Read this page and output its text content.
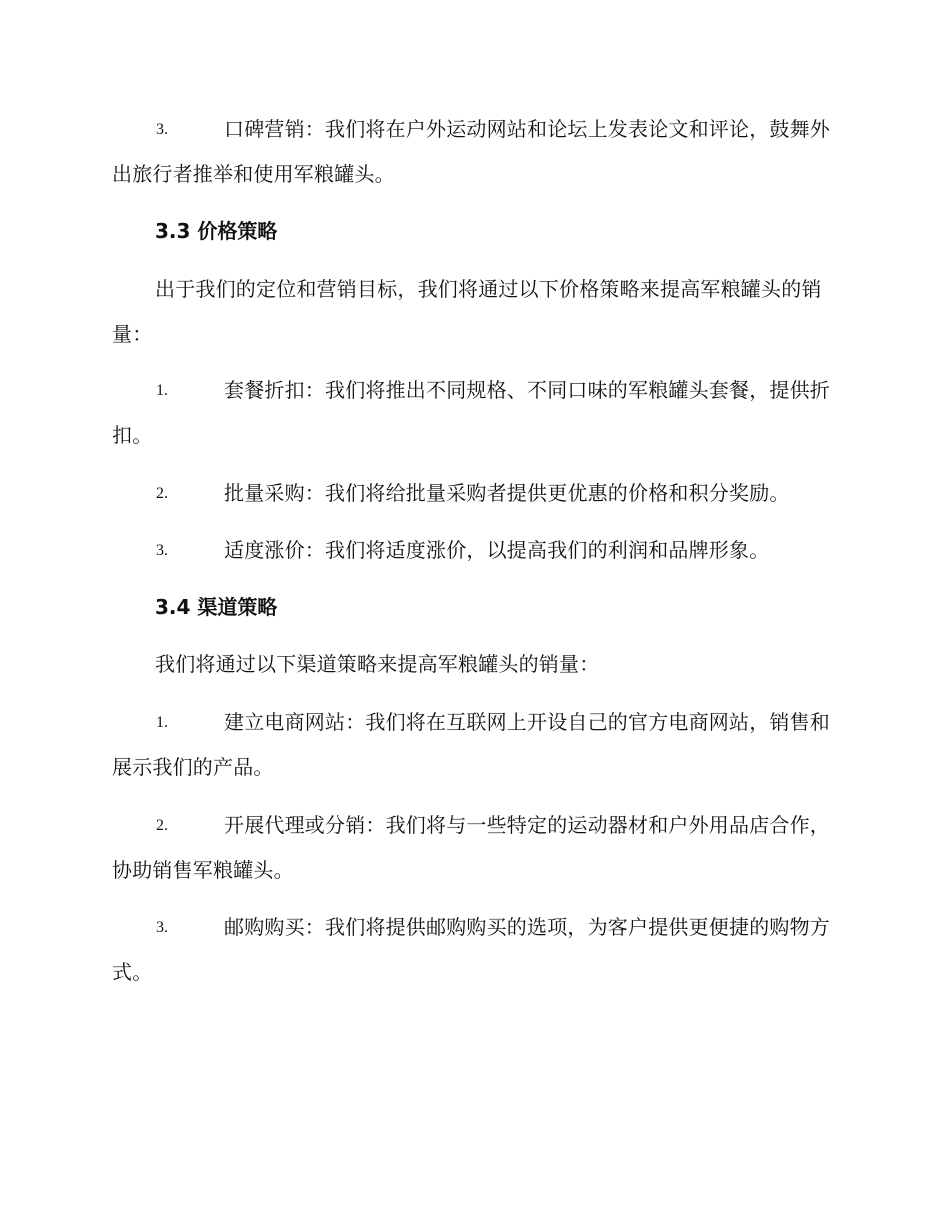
3.	口碑营销：我们将在户外运动网站和论坛上发表论文和评论，鼓舞外出旅行者推举和使用军粮罐头。
3.3 价格策略
出于我们的定位和营销目标，我们将通过以下价格策略来提高军粮罐头的销量：
1.	套餐折扣：我们将推出不同规格、不同口味的军粮罐头套餐，提供折扣。
2.	批量采购：我们将给批量采购者提供更优惠的价格和积分奖励。
3.	适度涨价：我们将适度涨价，以提高我们的利润和品牌形象。
3.4 渠道策略
我们将通过以下渠道策略来提高军粮罐头的销量：
1.	建立电商网站：我们将在互联网上开设自己的官方电商网站，销售和展示我们的产品。
2.	开展代理或分销：我们将与一些特定的运动器材和户外用品店合作，协助销售军粮罐头。
3.	邮购购买：我们将提供邮购购买的选项，为客户提供更便捷的购物方式。
